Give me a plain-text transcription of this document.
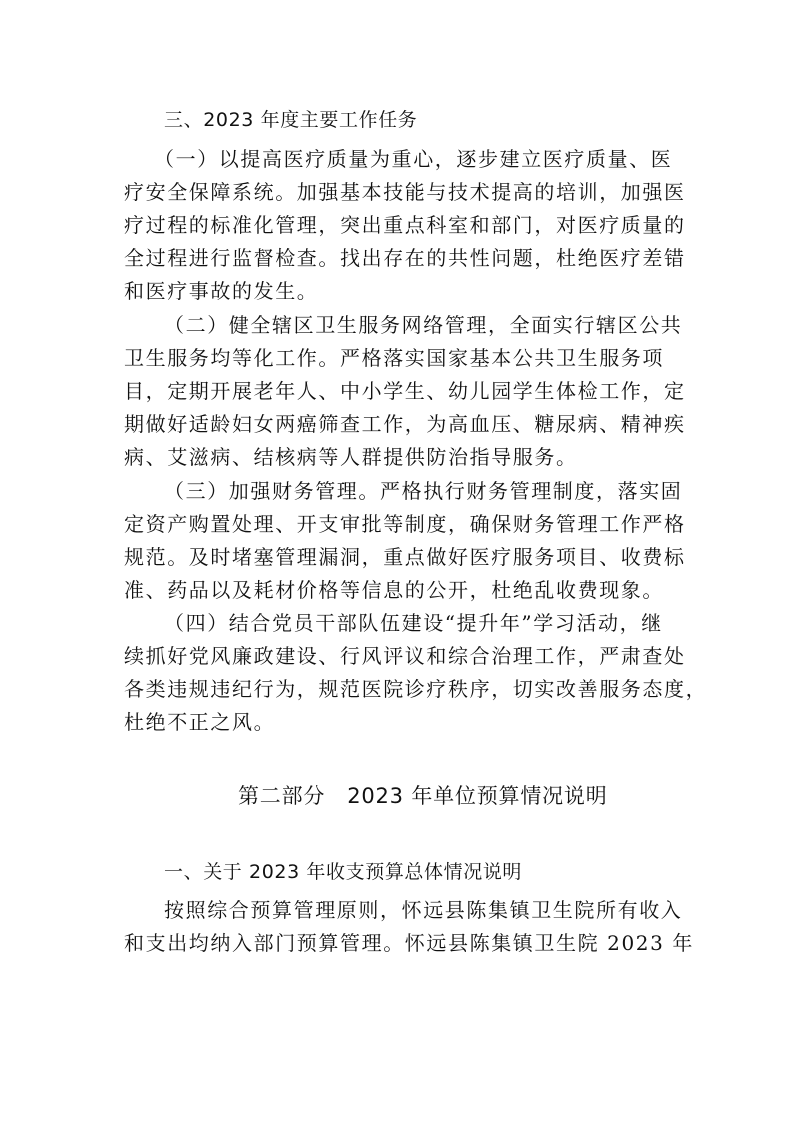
三、2023 年度主要工作任务
（一）以提高医疗质量为重心，逐步建立医疗质量、医
疗安全保障系统。加强基本技能与技术提高的培训，加强医
疗过程的标准化管理，突出重点科室和部门，对医疗质量的
全过程进行监督检查。找出存在的共性问题，杜绝医疗差错
和医疗事故的发生。
（二）健全辖区卫生服务网络管理，全面实行辖区公共
卫生服务均等化工作。严格落实国家基本公共卫生服务项
目，定期开展老年人、中小学生、幼儿园学生体检工作，定
期做好适龄妇女两癌筛查工作，为高血压、糖尿病、精神疾
病、艾滋病、结核病等人群提供防治指导服务。
（三）加强财务管理。严格执行财务管理制度，落实固
定资产购置处理、开支审批等制度，确保财务管理工作严格
规范。及时堵塞管理漏洞，重点做好医疗服务项目、收费标
准、药品以及耗材价格等信息的公开，杜绝乱收费现象。
（四）结合党员干部队伍建设“提升年”学习活动，继
续抓好党风廉政建设、行风评议和综合治理工作，严肃查处
各类违规违纪行为，规范医院诊疗秩序，切实改善服务态度，
杜绝不正之风。
第二部分 2023 年单位预算情况说明
一、关于 2023 年收支预算总体情况说明
按照综合预算管理原则，怀远县陈集镇卫生院所有收入
和支出均纳入部门预算管理。怀远县陈集镇卫生院 2023 年
